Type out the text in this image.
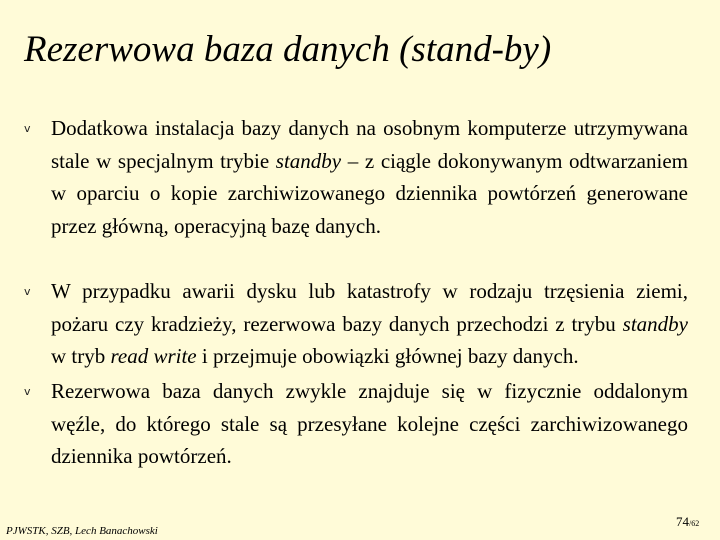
Rezerwowa baza danych (stand-by)
v Dodatkowa instalacja bazy danych na osobnym komputerze utrzymywana stale w specjalnym trybie standby – z ciągle dokonywanym odtwarzaniem w oparciu o kopie zarchiwizowanego dziennika powtórzeń generowane przez główną, operacyjną bazę danych.
v W przypadku awarii dysku lub katastrofy w rodzaju trzęsienia ziemi, pożaru czy kradzieży, rezerwowa bazy danych przechodzi z trybu standby w tryb read write i przejmuje obowiązki głównej bazy danych.
v Rezerwowa baza danych zwykle znajduje się w fizycznie oddalonym węźle, do którego stale są przesyłane kolejne części zarchiwizowanego dziennika powtórzeń.
PJWSTK, SZB, Lech Banachowski
74/62
